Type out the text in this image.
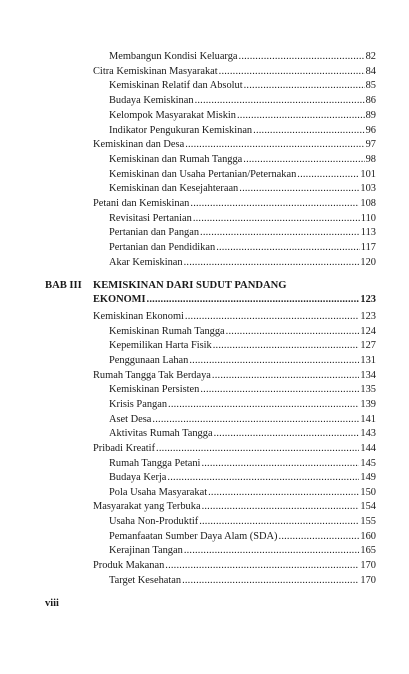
Membangun Kondisi Keluarga .....	82
Citra Kemiskinan Masyarakat .....	84
Kemiskinan Relatif dan Absolut .....	85
Budaya Kemiskinan .....	86
Kelompok Masyarakat Miskin .....	89
Indikator Pengukuran Kemiskinan .....	96
Kemiskinan dan Desa .....	97
Kemiskinan dan Rumah Tangga .....	98
Kemiskinan dan Usaha Pertanian/Peternakan .....	101
Kemiskinan dan Kesejahteraan .....	103
Petani dan Kemiskinan .....	108
Revisitasi Pertanian .....	110
Pertanian dan Pangan .....	113
Pertanian dan Pendidikan .....	117
Akar Kemiskinan .....	120
BAB III KEMISKINAN DARI SUDUT PANDANG
EKONOMI .....	123
Kemiskinan Ekonomi .....	123
Kemiskinan Rumah Tangga .....	124
Kepemilikan Harta Fisik .....	127
Penggunaan Lahan .....	131
Rumah Tangga Tak Berdaya .....	134
Kemiskinan Persisten .....	135
Krisis Pangan .....	139
Aset Desa .....	141
Aktivitas Rumah Tangga .....	143
Pribadi Kreatif .....	144
Rumah Tangga Petani .....	145
Budaya Kerja .....	149
Pola Usaha Masyarakat .....	150
Masyarakat yang Terbuka .....	154
Usaha Non-Produktif .....	155
Pemanfaatan Sumber Daya Alam (SDA) .....	160
Kerajinan Tangan .....	165
Produk Makanan .....	170
Target Kesehatan .....	170
viii
